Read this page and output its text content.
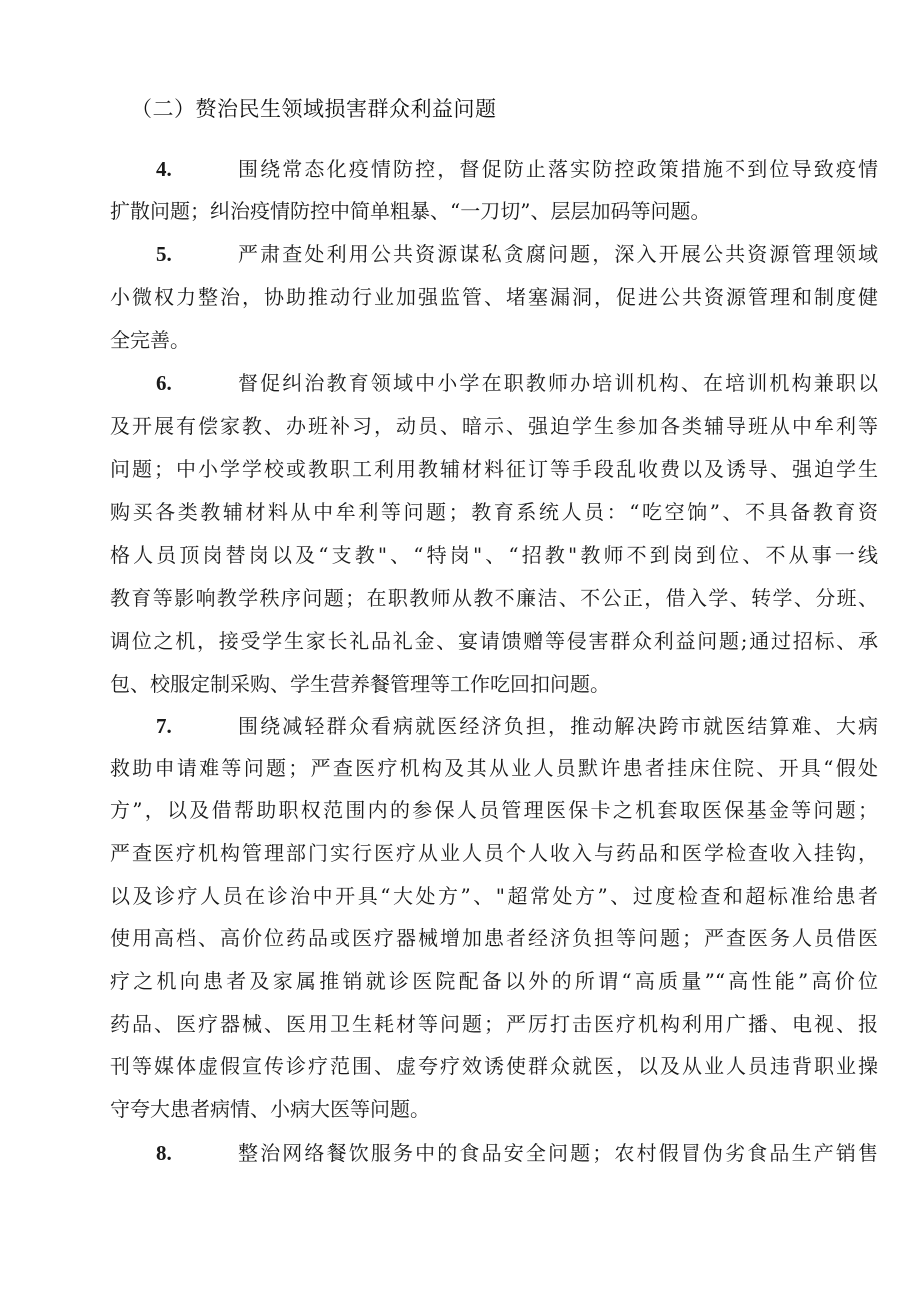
（二）赘治民生领域损害群众利益问题
4.	围绕常态化疫情防控，督促防止落实防控政策措施不到位导致疫情
扩散问题；纠治疫情防控中简单粗暴、“一刀切”、层层加码等问题。
5.	严肃查处利用公共资源谋私贪腐问题，深入开展公共资源管理领域
小微权力整治，协助推动行业加强监管、堵塞漏洞，促进公共资源管理和制度健
全完善。
6.	督促纠治教育领域中小学在职教师办培训机构、在培训机构兼职以
及开展有偿家教、办班补习，动员、暗示、强迫学生参加各类辅导班从中牟利等
问题；中小学学校或教职工利用教辅材料征订等手段乱收费以及诱导、强迫学生
购买各类教辅材料从中牟利等问题；教育系统人员：“吃空饷”、不具备教育资
格人员顶岗替岗以及“支教"、“特岗"、“招教"教师不到岗到位、不从事一线
教育等影响教学秩序问题；在职教师从教不廉洁、不公正，借入学、转学、分班、
调位之机，接受学生家长礼品礼金、宴请馈赠等侵害群众利益问题;通过招标、承
包、校服定制采购、学生营养餐管理等工作吃回扣问题。
7.	围绕减轻群众看病就医经济负担，推动解决跨市就医结算难、大病
救助申请难等问题；严查医疗机构及其从业人员默许患者挂床住院、开具“假处
方”，以及借帮助职权范围内的参保人员管理医保卡之机套取医保基金等问题；
严查医疗机构管理部门实行医疗从业人员个人收入与药品和医学检查收入挂钩，
以及诊疗人员在诊治中开具“大处方”、"超常处方”、过度检查和超标准给患者
使用高档、高价位药品或医疗器械增加患者经济负担等问题；严查医务人员借医
疗之机向患者及家属推销就诊医院配备以外的所谓“高质量”“高性能”高价位
药品、医疗器械、医用卫生耗材等问题；严厉打击医疗机构利用广播、电视、报
刊等媒体虚假宣传诊疗范围、虚夸疗效诱使群众就医，以及从业人员违背职业操
守夸大患者病情、小病大医等问题。
8.	整治网络餐饮服务中的食品安全问题；农村假冒伪劣食品生产销售
